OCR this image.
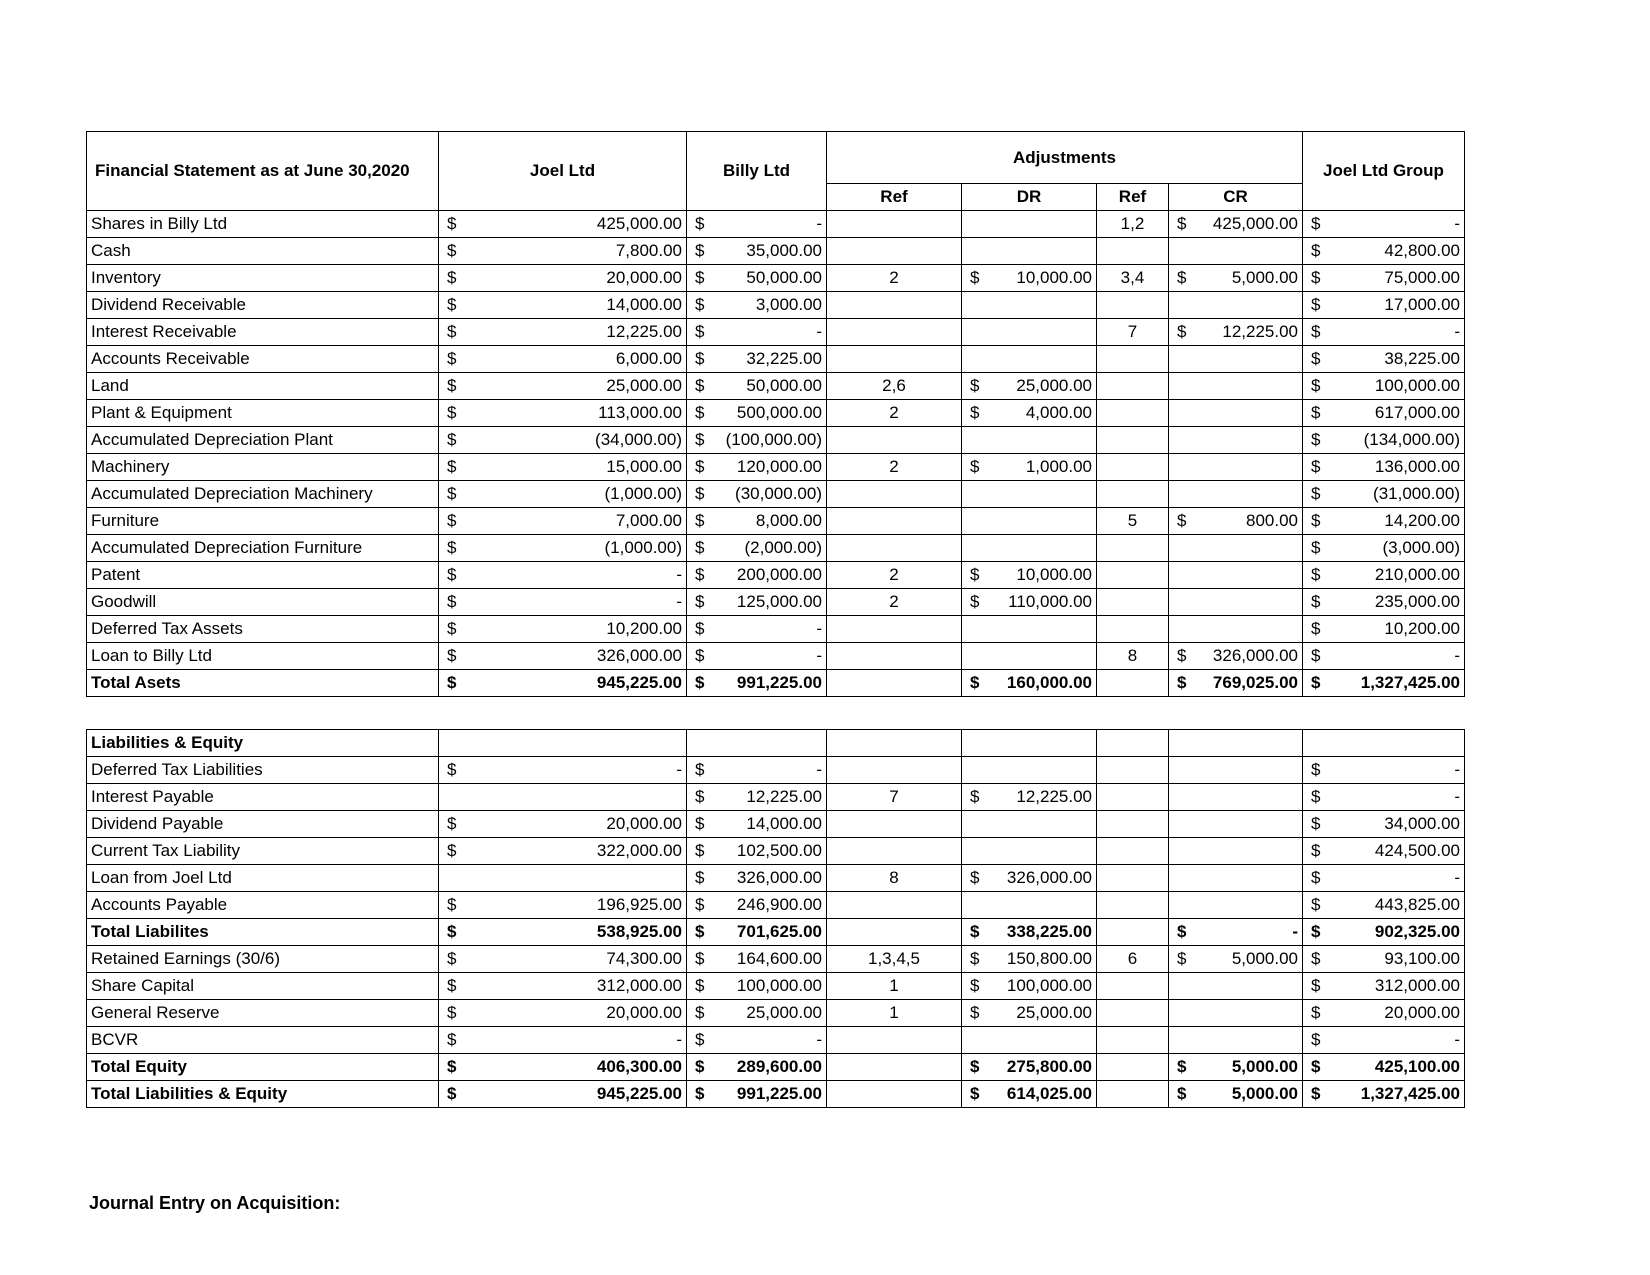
Financial Statement as at June 30,2020	Joel Ltd	Billy Ltd	Adjustments				Joel Ltd Group
			Ref	DR	Ref	CR	
Shares in Billy Ltd	$ 425,000.00	$ -			1,2	$ 425,000.00	$ -

Cash	$ 7,800.00	$ 35,000.00					$ 42,800.00

Inventory	$ 20,000.00	$ 50,000.00	2	$ 10,000.00	3,4	$ 5,000.00	$ 75,000.00

Dividend Receivable	$ 14,000.00	$ 3,000.00					$ 17,000.00

Interest Receivable	$ 12,225.00	$ -			7	$ 12,225.00	$ -

Accounts Receivable	$ 6,000.00	$ 32,225.00					$ 38,225.00

Land	$ 25,000.00	$ 50,000.00	2,6	$ 25,000.00			$ 100,000.00

Plant & Equipment	$ 113,000.00	$ 500,000.00	2	$ 4,000.00			$ 617,000.00

Accumulated Depreciation Plant	$ (34,000.00)	$ (100,000.00)					$ (134,000.00)

Machinery	$ 15,000.00	$ 120,000.00	2	$ 1,000.00			$ 136,000.00

Accumulated Depreciation Machinery	$ (1,000.00)	$ (30,000.00)					$ (31,000.00)

Furniture	$ 7,000.00	$ 8,000.00			5	$ 800.00	$ 14,200.00

Accumulated Depreciation Furniture	$ (1,000.00)	$ (2,000.00)					$ (3,000.00)

Patent	$ -	$ 200,000.00	2	$ 10,000.00			$ 210,000.00

Goodwill	$ -	$ 125,000.00	2	$ 110,000.00			$ 235,000.00

Deferred Tax Assets	$ 10,200.00	$ -					$ 10,200.00

Loan to Billy Ltd	$ 326,000.00	$ -			8	$ 326,000.00	$ -

Total Asets	$ 945,225.00	$ 991,225.00		$ 160,000.00		$ 769,025.00	$ 1,327,425.00
Liabilities & Equity							
Deferred Tax Liabilities	$ -	$ -					$ -

Interest Payable		$ 12,225.00	7	$ 12,225.00			$ -

Dividend Payable	$ 20,000.00	$ 14,000.00					$ 34,000.00

Current Tax Liability	$ 322,000.00	$ 102,500.00					$ 424,500.00

Loan from Joel Ltd		$ 326,000.00	8	$ 326,000.00			$ -

Accounts Payable	$ 196,925.00	$ 246,900.00					$ 443,825.00

Total Liabilites	$ 538,925.00	$ 701,625.00		$ 338,225.00		$ -	$ 902,325.00

Retained Earnings (30/6)	$ 74,300.00	$ 164,600.00	1,3,4,5	$ 150,800.00	6	$ 5,000.00	$ 93,100.00

Share Capital	$ 312,000.00	$ 100,000.00	1	$ 100,000.00			$ 312,000.00

General Reserve	$ 20,000.00	$ 25,000.00	1	$ 25,000.00			$ 20,000.00

BCVR	$ -	$ -					$ -

Total Equity	$ 406,300.00	$ 289,600.00		$ 275,800.00		$ 5,000.00	$ 425,100.00

Total Liabilities & Equity	$ 945,225.00	$ 991,225.00		$ 614,025.00		$ 5,000.00	$ 1,327,425.00
Journal Entry on Acquisition:
